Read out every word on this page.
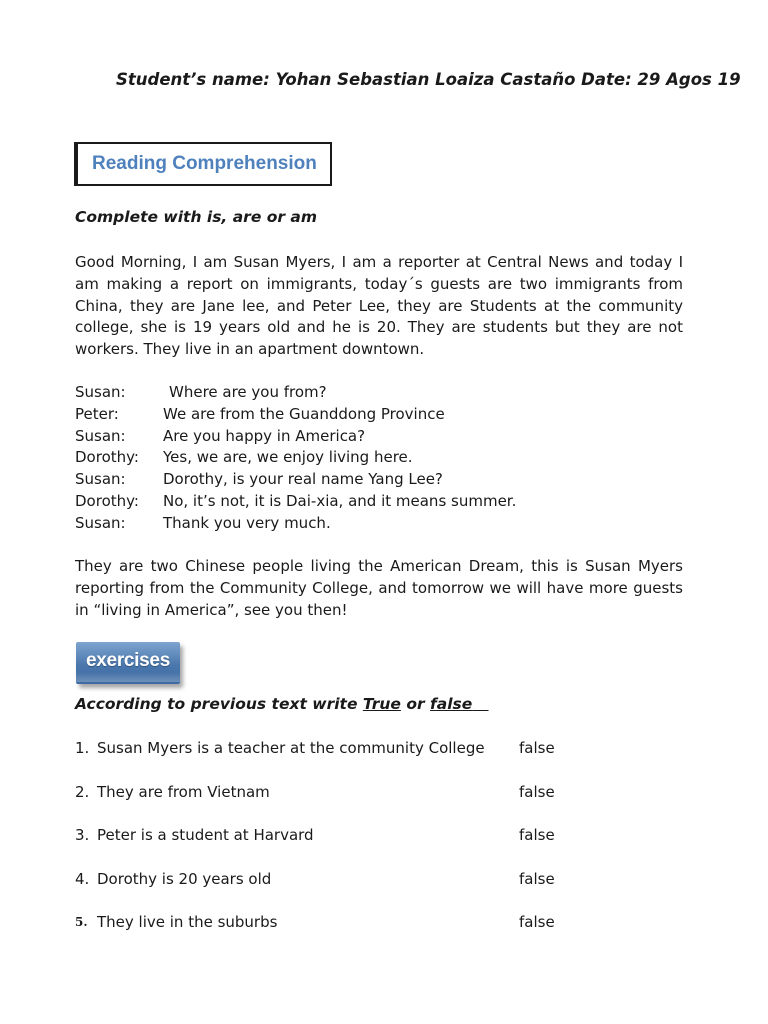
Student’s name: Yohan Sebastian Loaiza Castaño Date: 29 Agos 19
Reading Comprehension
Complete with is, are or am
Good Morning, I am Susan Myers, I am a reporter at Central News and today I am making a report on immigrants, today´s guests are two immigrants from China, they are Jane lee, and Peter Lee, they are Students at the community college, she is 19 years old and he is 20. They are students but they are not workers. They live in an apartment downtown.
Susan:	Where are you from?
Peter:	We are from the Guanddong Province
Susan: Are you happy in America?
Dorothy: Yes, we are, we enjoy living here.
Susan: Dorothy, is your real name Yang Lee?
Dorothy: No, it’s not, it is Dai-xia, and it means summer.
Susan: Thank you very much.
They are two Chinese people living the American Dream, this is Susan Myers reporting from the Community College, and tomorrow we will have more guests in “living in America”, see you then!
exercises
According to previous text write True or false
1. Susan Myers is a teacher at the community College false
2. They are from Vietnam	false
3. Peter is a student at Harvard	false
4. Dorothy is 20 years old	false
5. They live in the suburbs	false
